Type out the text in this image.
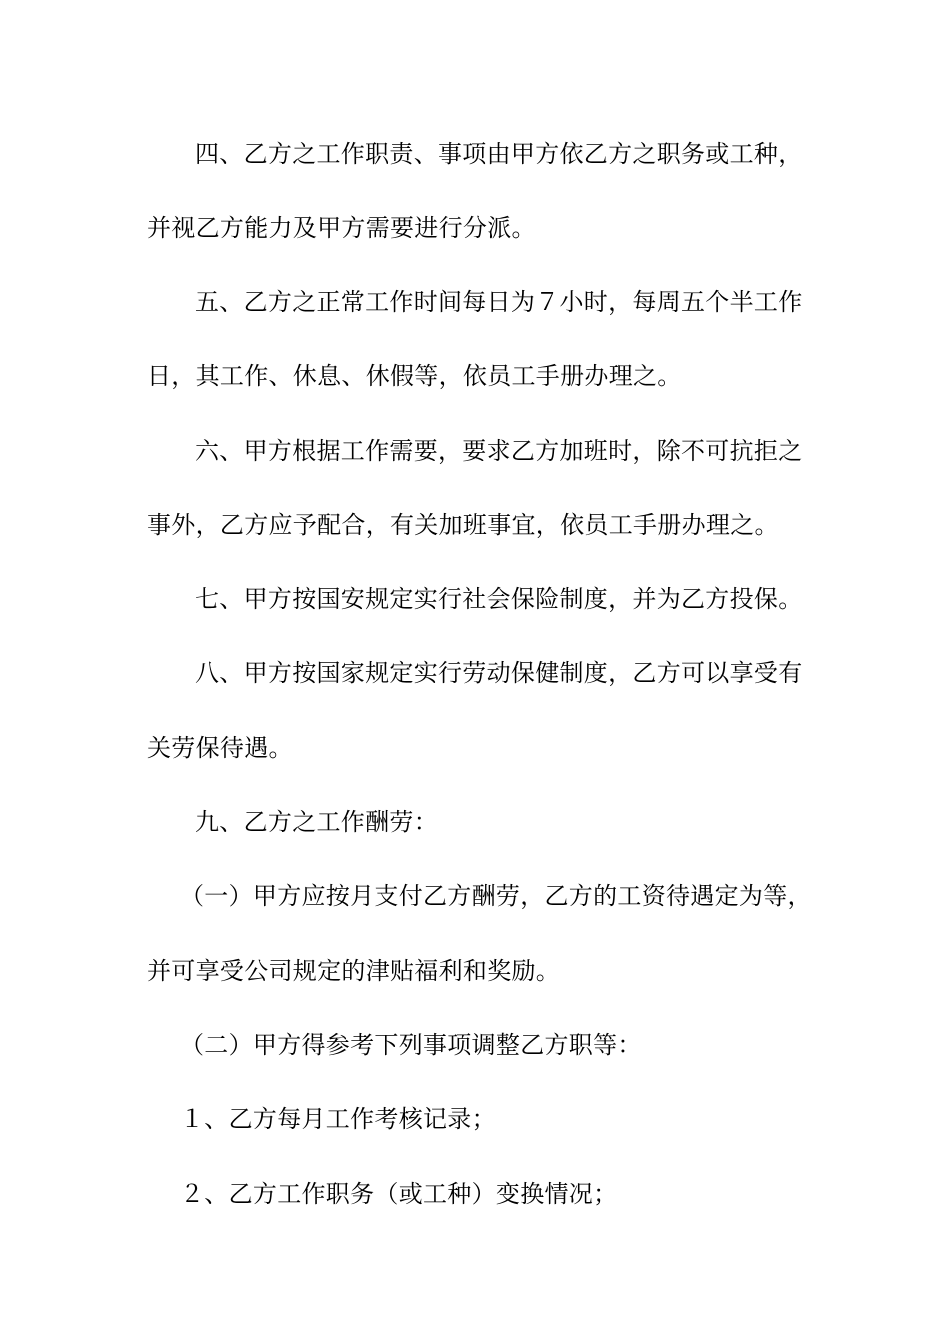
四、乙方之工作职责、事项由甲方依乙方之职务或工种，
并视乙方能力及甲方需要进行分派。
五、乙方之正常工作时间每日为７小时，每周五个半工作
日，其工作、休息、休假等，依员工手册办理之。
六、甲方根据工作需要，要求乙方加班时，除不可抗拒之
事外，乙方应予配合，有关加班事宜，依员工手册办理之。
七、甲方按国安规定实行社会保险制度，并为乙方投保。
八、甲方按国家规定实行劳动保健制度，乙方可以享受有
关劳保待遇。
九、乙方之工作酬劳：
（一）甲方应按月支付乙方酬劳，乙方的工资待遇定为等，
并可享受公司规定的津贴福利和奖励。
（二）甲方得参考下列事项调整乙方职等：
１、乙方每月工作考核记录；
２、乙方工作职务（或工种）变换情况；
